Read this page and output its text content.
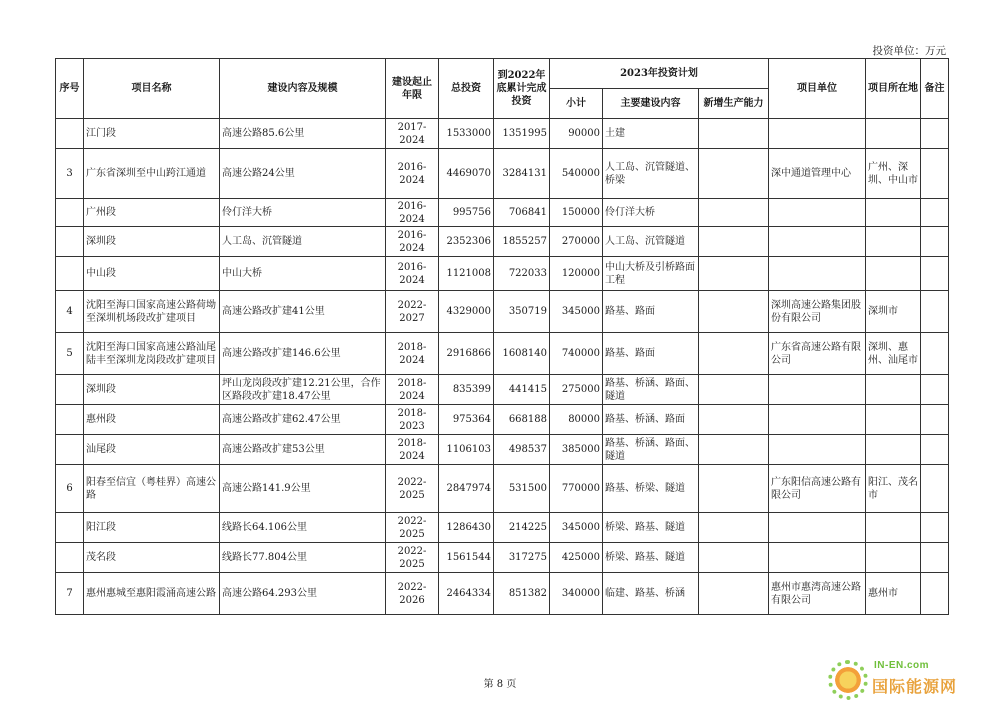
投资单位：万元
序号	项目名称	建设内容及规模	建设起止年限	总投资	到2022年底累计完成投资	2023年投资计划			项目单位	项目所在地	备注
						小计	主要建设内容	新增生产能力			
	江门段	高速公路85.6公里	2017-2024	1533000	1351995	90000	土建				
3	广东省深圳至中山跨江通道	高速公路24公里	2016-2024	4469070	3284131	540000	人工岛、沉管隧道、桥梁		深中通道管理中心	广州、深圳、中山市	
	广州段	伶仃洋大桥	2016-2024	995756	706841	150000	伶仃洋大桥				
	深圳段	人工岛、沉管隧道	2016-2024	2352306	1855257	270000	人工岛、沉管隧道				
	中山段	中山大桥	2016-2024	1121008	722033	120000	中山大桥及引桥路面工程				
4	沈阳至海口国家高速公路荷坳至深圳机场段改扩建项目	高速公路改扩建41公里	2022-2027	4329000	350719	345000	路基、路面		深圳高速公路集团股份有限公司	深圳市	
5	沈阳至海口国家高速公路汕尾陆丰至深圳龙岗段改扩建项目	高速公路改扩建146.6公里	2018-2024	2916866	1608140	740000	路基、路面		广东省高速公路有限公司	深圳、惠州、汕尾市	
	深圳段	坪山龙岗段改扩建12.21公里，合作区路段改扩建18.47公里	2018-2024	835399	441415	275000	路基、桥涵、路面、隧道				
	惠州段	高速公路改扩建62.47公里	2018-2023	975364	668188	80000	路基、桥涵、路面				
	汕尾段	高速公路改扩建53公里	2018-2024	1106103	498537	385000	路基、桥涵、路面、隧道				
6	阳春至信宜（粤桂界）高速公路	高速公路141.9公里	2022-2025	2847974	531500	770000	路基、桥梁、隧道		广东阳信高速公路有限公司	阳江、茂名市	
	阳江段	线路长64.106公里	2022-2025	1286430	214225	345000	桥梁、路基、隧道				
	茂名段	线路长77.804公里	2022-2025	1561544	317275	425000	桥梁、路基、隧道				
7	惠州惠城至惠阳霞涌高速公路	高速公路64.293公里	2022-2026	2464334	851382	340000	临建、路基、桥涵		惠州市惠湾高速公路有限公司	惠州市	
第 8 页
IN-EN.com
国际能源网
